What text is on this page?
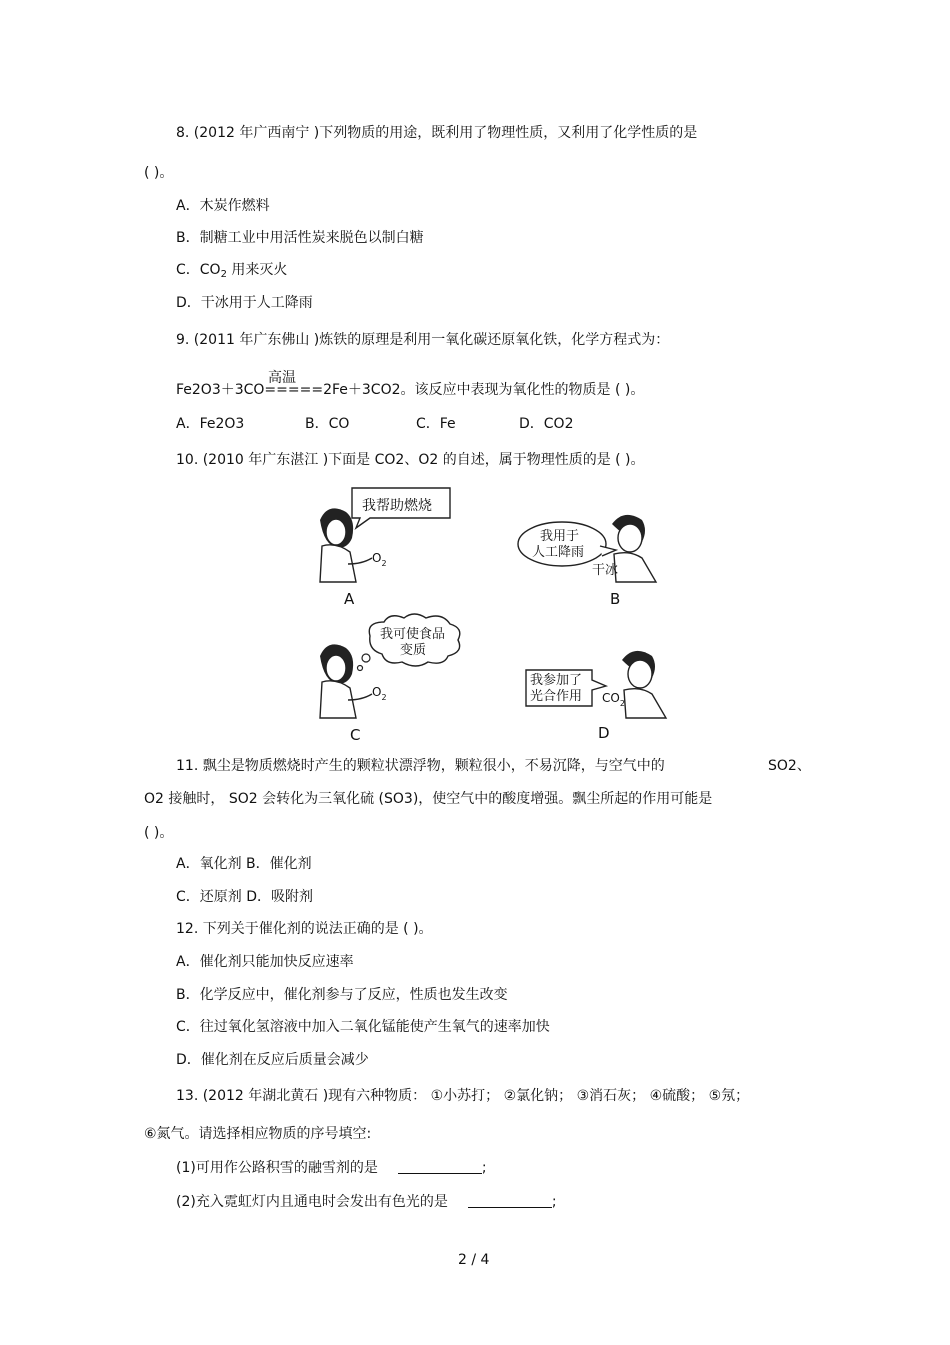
8. (2012 年广西南宁 )下列物质的用途，既利用了物理性质，又利用了化学性质的是
( )。
A．木炭作燃料
B．制糖工业中用活性炭来脱色以制白糖
C．$CO_2$ 用来灭火
D．干冰用于人工降雨
9. (2011 年广东佛山 )炼铁的原理是利用一氧化碳还原氧化铁，化学方程式为：
高温
Fe2O3＋3CO=====2Fe＋3CO2。该反应中表现为氧化性的物质是 ( )。
A．Fe2O3	B．CO	C．Fe	D．CO2
10. (2010 年广东湛江 )下面是 CO2、O2 的自述，属于物理性质的是 ( )。
我帮助燃烧
$O_2$
A
我用于
人工降雨
干冰
B
我可使食品
变质
$O_2$
C
我参加了
光合作用 $CO_2$
D
11. 飘尘是物质燃烧时产生的颗粒状漂浮物，颗粒很小，不易沉降，与空气中的	SO2、
O2 接触时， SO2 会转化为三氧化硫 (SO3)，使空气中的酸度增强。飘尘所起的作用可能是
( )。
A．氧化剂 B．催化剂
C．还原剂 D．吸附剂
12. 下列关于催化剂的说法正确的是 ( )。
A．催化剂只能加快反应速率
B．化学反应中，催化剂参与了反应，性质也发生改变
C．往过氧化氢溶液中加入二氧化锰能使产生氧气的速率加快
D．催化剂在反应后质量会减少
13. (2012 年湖北黄石 )现有六种物质： ①小苏打； ②氯化钠； ③消石灰； ④硫酸； ⑤氖；
⑥氮气。请选择相应物质的序号填空:
(1)可用作公路积雪的融雪剂的是	;
(2)充入霓虹灯内且通电时会发出有色光的是	;
2 / 4
